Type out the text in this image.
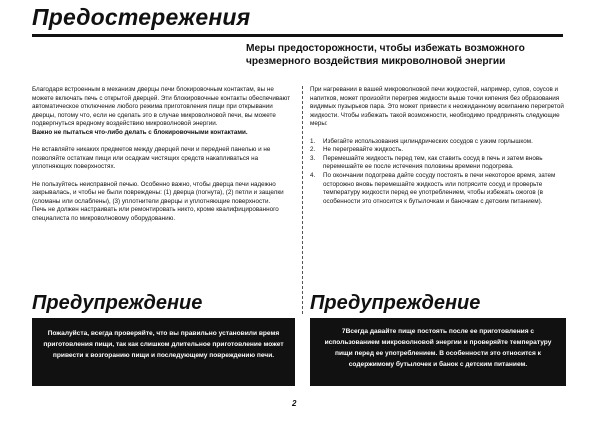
Предостережения
Меры предосторожности, чтобы избежать возможного чрезмерного воздействия микроволновой энергии

Благодаря встроенным в механизм дверцы печи блокировочным контактам, вы не можете включать печь с открытой дверцей. Эти блокировочные контакты обеспечивают автоматическое отключение любого режима приготовления пищи при открывании дверцы, потому что, если не сделать это в случае микроволновой печи, вы можете подвергнуться вредному воздействию микроволновой энергии.

Важно не пытаться что-либо делать с блокировочными контактами.

Не вставляйте никаких предметов между дверцей печи и передней панелью и не позволяйте остаткам пищи или осадкам чистящих средств накапливаться на уплотняющих поверхностях.

Не пользуйтесь неисправной печью. Особенно важно, чтобы дверца печи надежно закрывалась, и чтобы не были повреждены: (1) дверца (погнута), (2) петли и защелки (сломаны или ослаблены), (3) уплотнители дверцы и уплотняющие поверхности.

Печь не должен настраивать или ремонтировать никто, кроме квалифицированного специалиста по микроволновому оборудованию.

При нагревании в вашей микроволновой печи жидкостей, например, супов, соусов и напитков, может произойти перегрев жидкости выше точки кипения без образования видимых пузырьков пара. Это может привести к неожиданному вскипанию перегретой жидкости. Чтобы избежать такой возможности, необходимо предпринять следующие меры:

1. Избегайте использования цилиндрических сосудов с узким горлышком.
2. Не перегревайте жидкость.
3. Перемешайте жидкость перед тем, как ставить сосуд в печь и затем вновь перемешайте ее после истечения половины времени подогрева.
4. По окончании подогрева дайте сосуду постоять в печи некоторое время, затем осторожно вновь перемешайте жидкость или потрясите сосуд и проверьте температуру жидкости перед ее употреблением, чтобы избежать ожогов (в особенности это относится к бутылочкам и баночкам с детским питанием).
Предупреждение	Предупреждение
Пожалуйста, всегда проверяйте, что вы правильно установили время приготовления пищи, так как слишком длительное приготовление может привести к возгоранию пищи и последующему повреждению печи.
7Всегда давайте пище постоять после ее приготовления с использованием микроволновой энергии и проверяйте температуру пищи перед ее употреблением. В особенности это относится к содержимому бутылочек и банок с детским питанием.
2
